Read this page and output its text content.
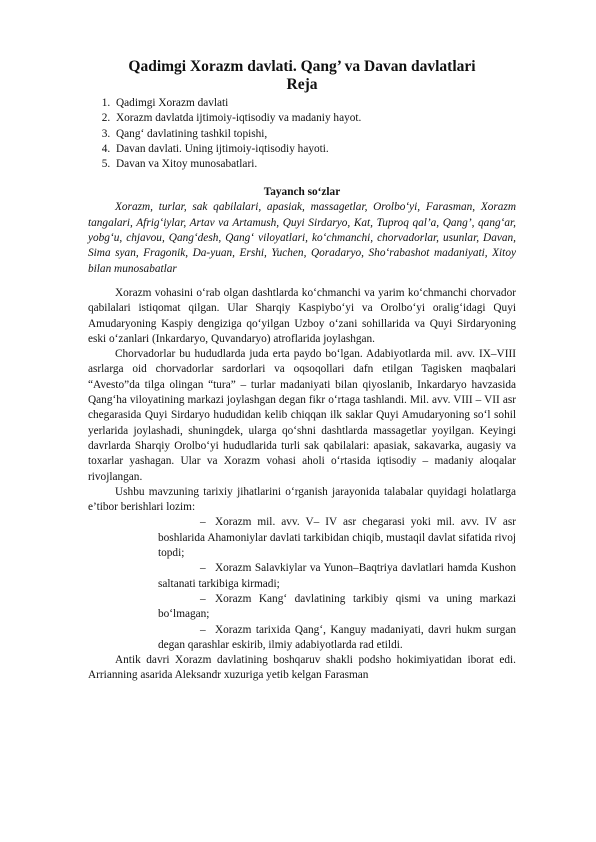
Qadimgi Xorazm davlati. Qang’ va Davan davlatlari

Reja

1. Qadimgi Xorazm davlati
2. Xorazm davlatda ijtimoiy-iqtisodiy va madaniy hayot.
3. Qang‘ davlatining tashkil topishi,
4. Davan davlati. Uning ijtimoiy-iqtisodiy hayoti.
5. Davan va Xitoy munosabatlari.

Tayanch so‘zlar

Xorazm, turlar, sak qabilalari, apasiak, massagetlar, Orolbo‘yi, Farasman, Xorazm tangalari, Afrig‘iylar, Artav va Artamush, Quyi Sirdaryo, Kat, Tuproq qal’a, Qang’, qang‘ar, yobg‘u, chjavou, Qang‘desh, Qang‘ viloyatlari, ko‘chmanchi, chorvadorlar, usunlar, Davan, Sima syan, Fragonik, Da-yuan, Ershi, Yuchen, Qoradaryo, Sho‘rabashot madaniyati, Xitoy bilan munosabatlar

Xorazm vohasini o‘rab olgan dashtlarda ko‘chmanchi va yarim ko‘chmanchi chorvador qabilalari istiqomat qilgan. Ular Sharqiy Kaspiybo‘yi va Orolbo‘yi oralig‘idagi Quyi Amudaryoning Kaspiy dengiziga qo‘yilgan Uzboy o‘zani sohillarida va Quyi Sirdaryoning eski o‘zanlari (Inkardaryo, Quvandaryo) atroflarida joylashgan.

Chorvadorlar bu hududlarda juda erta paydo bo‘lgan. Adabiyotlarda mil. avv. IX–VIII asrlarga oid chorvadorlar sardorlari va oqsoqollari dafn etilgan Tagisken maqbalari “Avesto”da tilga olingan “tura” – turlar madaniyati bilan qiyoslanib, Inkardaryo havzasida Qang‘ha viloyatining markazi joylashgan degan fikr o‘rtaga tashlandi. Mil. avv. VIII – VII asr chegarasida Quyi Sirdaryo hududidan kelib chiqqan ilk saklar Quyi Amudaryoning so‘l sohil yerlarida joylashadi, shuningdek, ularga qo‘shni dashtlarda massagetlar yoyilgan. Keyingi davrlarda Sharqiy Orolbo‘yi hududlarida turli sak qabilalari: apasiak, sakavarka, augasiy va toxarlar yashagan. Ular va Xorazm vohasi aholi o‘rtasida iqtisodiy – madaniy aloqalar rivojlangan.

Ushbu mavzuning tarixiy jihatlarini o‘rganish jarayonida talabalar quyidagi holatlarga e’tibor berishlari lozim:

– Xorazm mil. avv. V– IV asr chegarasi yoki mil. avv. IV asr boshlarida Ahamoniylar davlati tarkibidan chiqib, mustaqil davlat sifatida rivoj topdi;
– Xorazm Salavkiylar va Yunon–Baqtriya davlatlari hamda Kushon saltanati tarkibiga kirmadi;
– Xorazm Kang‘ davlatining tarkibiy qismi va uning markazi bo‘lmagan;
– Xorazm tarixida Qang‘, Kanguy madaniyati, davri hukm surgan degan qarashlar eskirib, ilmiy adabiyotlarda rad etildi.

Antik davri Xorazm davlatining boshqaruv shakli podsho hokimiyatidan iborat edi. Arrianning asarida Aleksandr xuzuriga yetib kelgan Farasman
